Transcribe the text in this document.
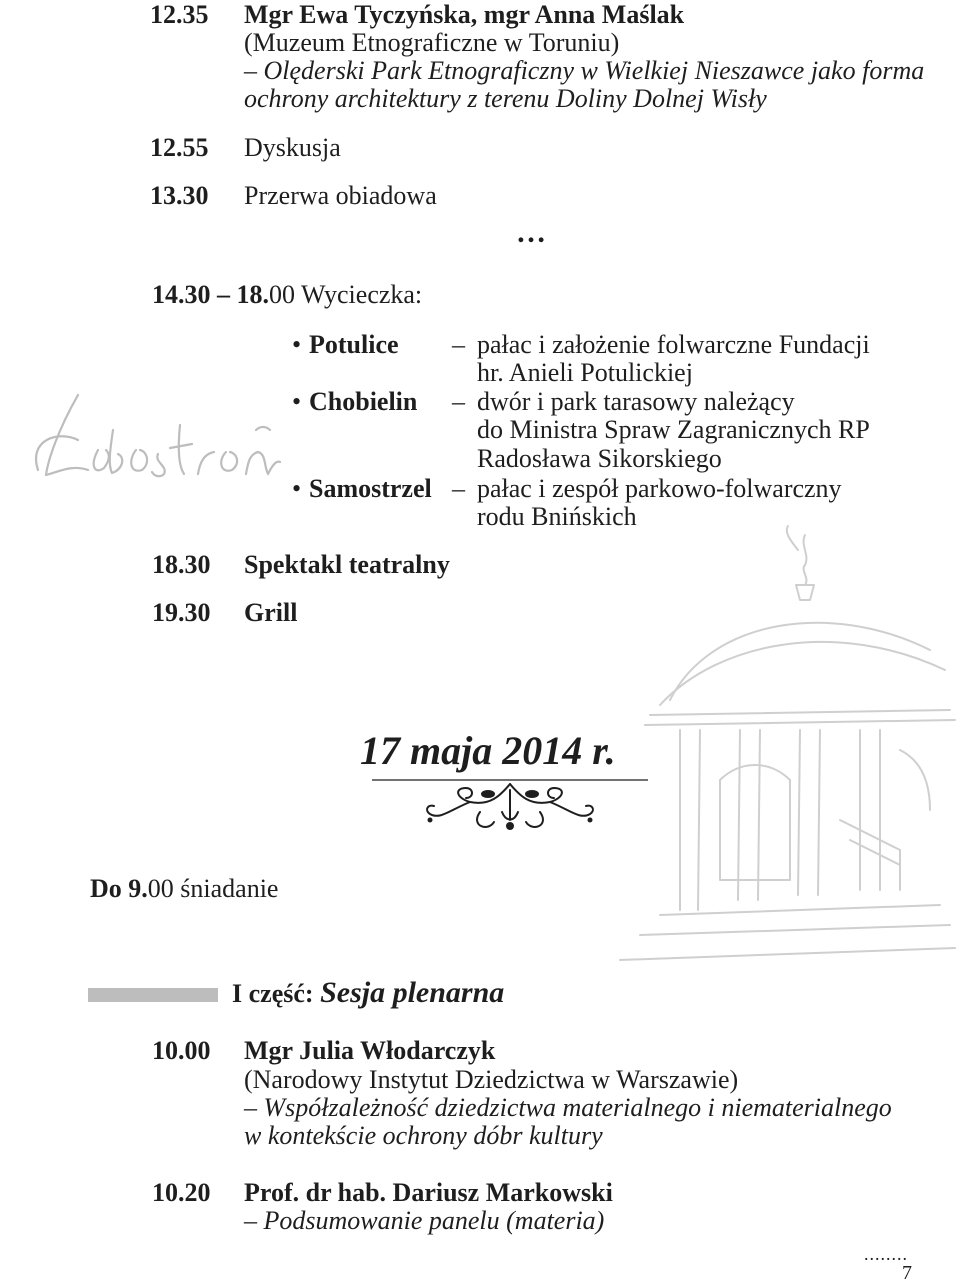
12.35 Mgr Ewa Tyczyńska, mgr Anna Maślak
(Muzeum Etnograficzne w Toruniu)
– Olęderski Park Etnograficzny w Wielkiej Nieszawce jako forma
ochrony architektury z terenu Doliny Dolnej Wisły
12.55 Dyskusja
13.30 Przerwa obiadowa
…
14.30 – 18.00 Wycieczka:
• Potulice – pałac i założenie folwarczne Fundacji
hr. Anieli Potulickiej
• Chobielin – dwór i park tarasowy należący
do Ministra Spraw Zagranicznych RP
Radosława Sikorskiego
• Samostrzel – pałac i zespół parkowo-folwarczny
rodu Bnińskich
18.30 Spektakl teatralny
19.30 Grill
17 maja 2014 r.
Do 9.00 śniadanie
I część: Sesja plenarna
10.00 Mgr Julia Włodarczyk
(Narodowy Instytut Dziedzictwa w Warszawie)
– Współzależność dziedzictwa materialnego i niematerialnego
w kontekście ochrony dóbr kultury
10.20 Prof. dr hab. Dariusz Markowski
– Podsumowanie panelu (materia)
........
7
